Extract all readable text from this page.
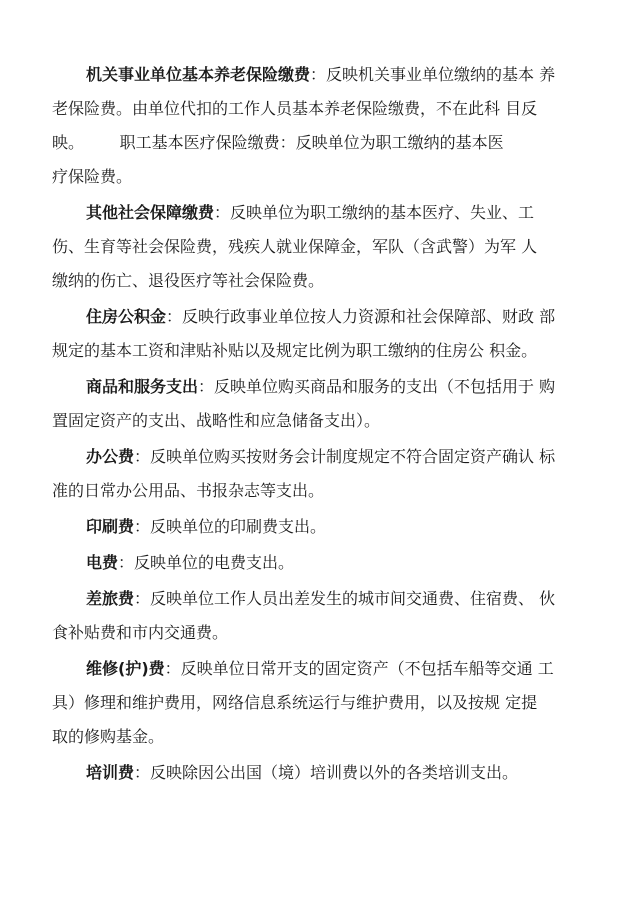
机关事业单位基本养老保险缴费：反映机关事业单位缴纳的基本 养
老保险费。由单位代扣的工作人员基本养老保险缴费，不在此科 目反
映。       职工基本医疗保险缴费：反映单位为职工缴纳的基本医
疗保险费。
其他社会保障缴费：反映单位为职工缴纳的基本医疗、失业、工
伤、生育等社会保险费，残疾人就业保障金，军队（含武警）为军 人
缴纳的伤亡、退役医疗等社会保险费。
住房公积金：反映行政事业单位按人力资源和社会保障部、财政 部
规定的基本工资和津贴补贴以及规定比例为职工缴纳的住房公 积金。
商品和服务支出：反映单位购买商品和服务的支出（不包括用于 购
置固定资产的支出、战略性和应急储备支出）。
办公费：反映单位购买按财务会计制度规定不符合固定资产确认 标
准的日常办公用品、书报杂志等支出。
印刷费：反映单位的印刷费支出。
电费：反映单位的电费支出。
差旅费：反映单位工作人员出差发生的城市间交通费、住宿费、 伙
食补贴费和市内交通费。
维修(护)费：反映单位日常开支的固定资产（不包括车船等交通 工
具）修理和维护费用，网络信息系统运行与维护费用，以及按规 定提
取的修购基金。
培训费：反映除因公出国（境）培训费以外的各类培训支出。
